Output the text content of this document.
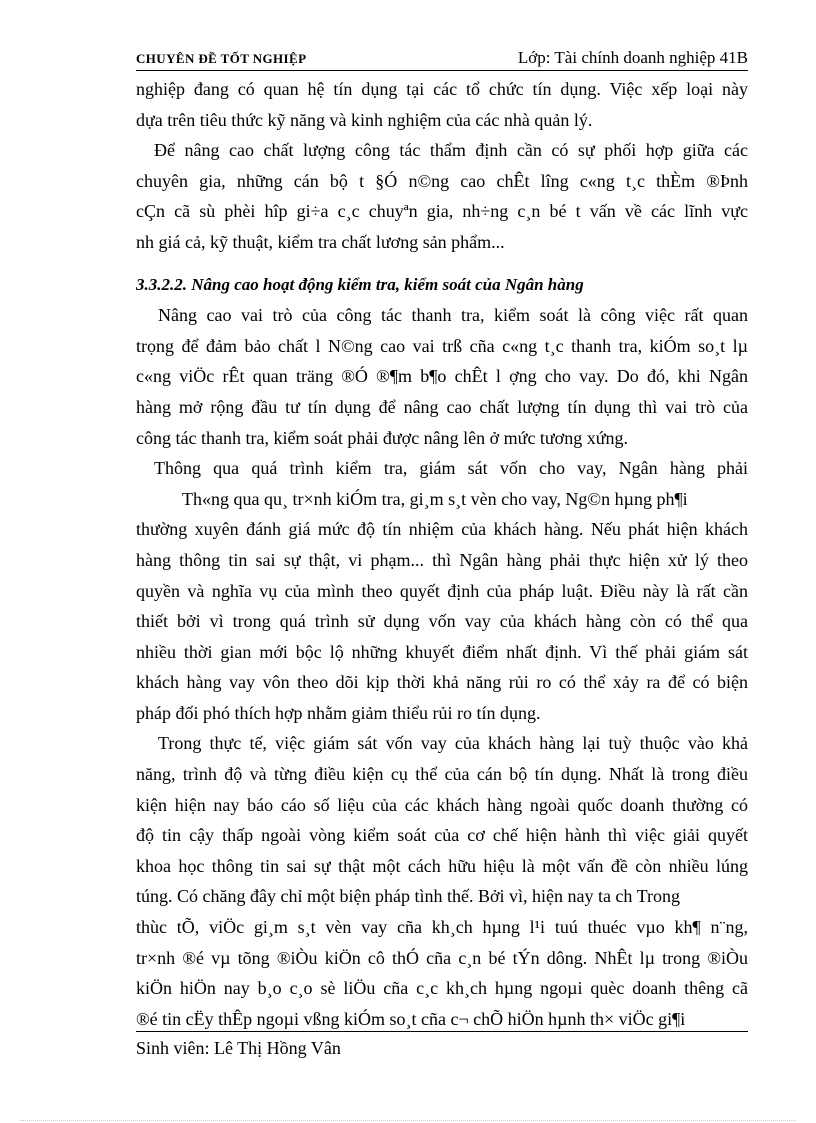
CHUYÊN ĐỀ TỐT NGHIỆP	Lớp: Tài chính doanh nghiệp 41B
nghiệp đang có quan hệ tín dụng tại các tổ chức tín dụng. Việc xếp loại này
dựa trên tiêu thức kỹ năng và kinh nghiệm của các nhà quản lý.
Để nâng cao chất lượng công tác thẩm định cần có sự phối hợp giữa các
chuyên gia, những cán bộ t §Ó n©ng cao chÊt lîng c«ng t¸c thÈm ®Þnh
cÇn cã sù phèi hîp gi÷a c¸c chuyªn gia, nh÷ng c¸n bé t vấn về các lĩnh vực
nh giá cả, kỹ thuật, kiểm tra chất lương sản phẩm...
3.3.2.2. Nâng cao hoạt động kiểm tra, kiểm soát của Ngân hàng
Nâng cao vai trò của công tác thanh tra, kiểm soát là công việc rất quan
trọng để đảm bảo chất l N©ng cao vai trß cña c«ng t¸c thanh tra, kiÓm so¸t lµ
c«ng viÖc rÊt quan träng ®Ó ®¶m b¶o chÊt l ợng cho vay. Do đó, khi Ngân
hàng mở rộng đầu tư tín dụng để nâng cao chất lượng tín dụng thì vai trò của
công tác thanh tra, kiểm soát phải được nâng lên ở mức tương xứng.
Thông qua quá trình kiểm tra, giám sát vốn cho vay, Ngân hàng phải
Th«ng qua qu¸ tr×nh kiÓm tra, gi¸m s¸t vèn cho vay, Ng©n hµng ph¶i
thường xuyên đánh giá mức độ tín nhiệm của khách hàng. Nếu phát hiện khách
hàng thông tin sai sự thật, vi phạm... thì Ngân hàng phải thực hiện xử lý theo
quyền và nghĩa vụ của mình theo quyết định của pháp luật. Điều này là rất cần
thiết bởi vì trong quá trình sử dụng vốn vay của khách hàng còn có thể qua
nhiều thời gian mới bộc lộ những khuyết điểm nhất định. Vì thế phải giám sát
khách hàng vay vôn theo dõi kịp thời khả năng rủi ro có thể xảy ra để có biện
pháp đối phó thích hợp nhằm giảm thiểu rủi ro tín dụng.
Trong thực tế, việc giám sát vốn vay của khách hàng lại tuỳ thuộc vào khả
năng, trình độ và từng điều kiện cụ thể của cán bộ tín dụng. Nhất là trong điều
kiện hiện nay báo cáo số liệu của các khách hàng ngoài quốc doanh thường có
độ tin cậy thấp ngoài vòng kiểm soát của cơ chế hiện hành thì việc giải quyết
khoa học thông tin sai sự thật một cách hữu hiệu là một vấn đề còn nhiều lúng
túng. Có chăng đây chỉ một biện pháp tình thế. Bởi vì, hiện nay ta ch Trong
thùc tÕ, viÖc gi¸m s¸t vèn vay cña kh¸ch hµng l¹i tuú thuéc vµo kh¶ n¨ng,
tr×nh ®é vµ tõng ®iÒu kiÖn cô thÓ cña c¸n bé tÝn dông. NhÊt lµ trong ®iÒu
kiÖn hiÖn nay b¸o c¸o sè liÖu cña c¸c kh¸ch hµng ngoµi quèc doanh thêng cã
®é tin cËy thÊp ngoµi vßng kiÓm so¸t cña c¬ chÕ hiÖn hµnh th× viÖc gi¶i
Sinh viên: Lê Thị Hồng Vân
